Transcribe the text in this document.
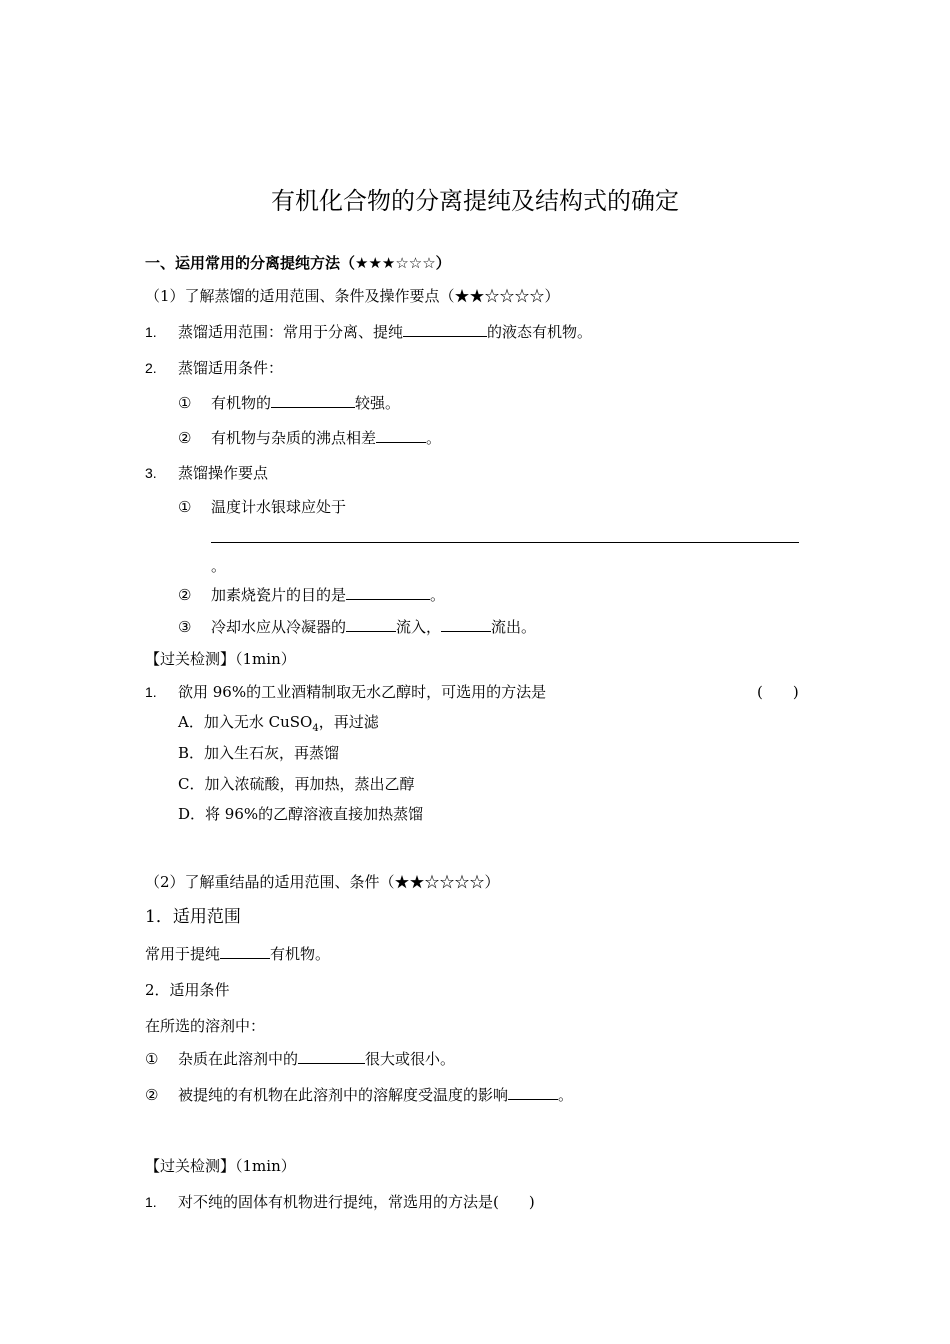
有机化合物的分离提纯及结构式的确定
一、运用常用的分离提纯方法（★★★☆☆☆）
（1）了解蒸馏的适用范围、条件及操作要点（★★☆☆☆☆）
1. 蒸馏适用范围：常用于分离、提纯	的液态有机物。
2. 蒸馏适用条件：
① 有机物的	较强。
② 有机物与杂质的沸点相差	。
3. 蒸馏操作要点
① 温度计水银球应处于
。
② 加素烧瓷片的目的是	。
③ 冷却水应从冷凝器的	流入，	流出。
【过关检测】（1min）
1. 欲用 96%的工业酒精制取无水乙醇时，可选用的方法是	(　　)
A．加入无水 CuSO$_4$，再过滤
B．加入生石灰，再蒸馏
C．加入浓硫酸，再加热，蒸出乙醇
D．将 96%的乙醇溶液直接加热蒸馏
（2）了解重结晶的适用范围、条件（★★☆☆☆☆）
1．适用范围
常用于提纯	有机物。
2．适用条件
在所选的溶剂中：
① 杂质在此溶剂中的	很大或很小。
② 被提纯的有机物在此溶剂中的溶解度受温度的影响	。
【过关检测】（1min）
1. 对不纯的固体有机物进行提纯，常选用的方法是(　　)
